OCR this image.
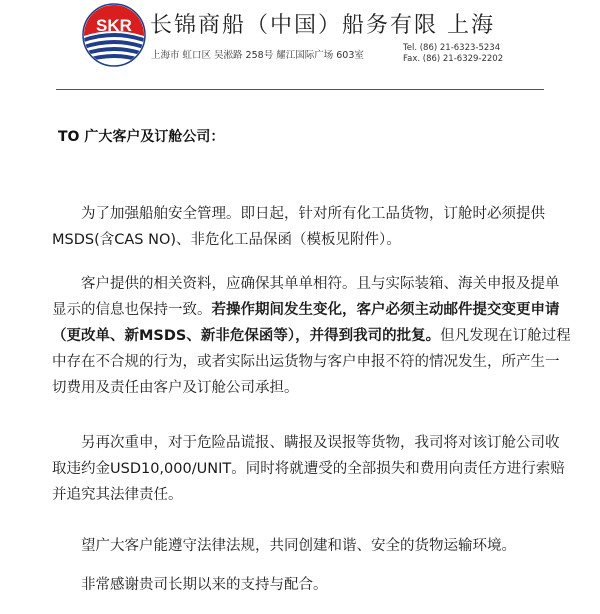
SKR 长锦商船（中国）船务有限 上海
上海市 虹口区 吴淞路 258号 耀江国际广场 603室
Tel. (86) 21-6323-5234
Fax. (86) 21-6329-2202
TO 广大客户及订舱公司：

为了加强船舶安全管理。即日起，针对所有化工品货物，订舱时必须提供MSDS(含CAS NO)、非危化工品保函（模板见附件）。

客户提供的相关资料，应确保其单单相符。且与实际装箱、海关申报及提单显示的信息也保持一致。若操作期间发生变化，客户必须主动邮件提交变更申请（更改单、新MSDS、新非危保函等），并得到我司的批复。但凡发现在订舱过程中存在不合规的行为，或者实际出运货物与客户申报不符的情况发生，所产生一切费用及责任由客户及订舱公司承担。

另再次重申，对于危险品谎报、瞒报及误报等货物，我司将对该订舱公司收取违约金USD10,000/UNIT。同时将就遭受的全部损失和费用向责任方进行索赔并追究其法律责任。

望广大客户能遵守法律法规，共同创建和谐、安全的货物运输环境。

非常感谢贵司长期以来的支持与配合。
